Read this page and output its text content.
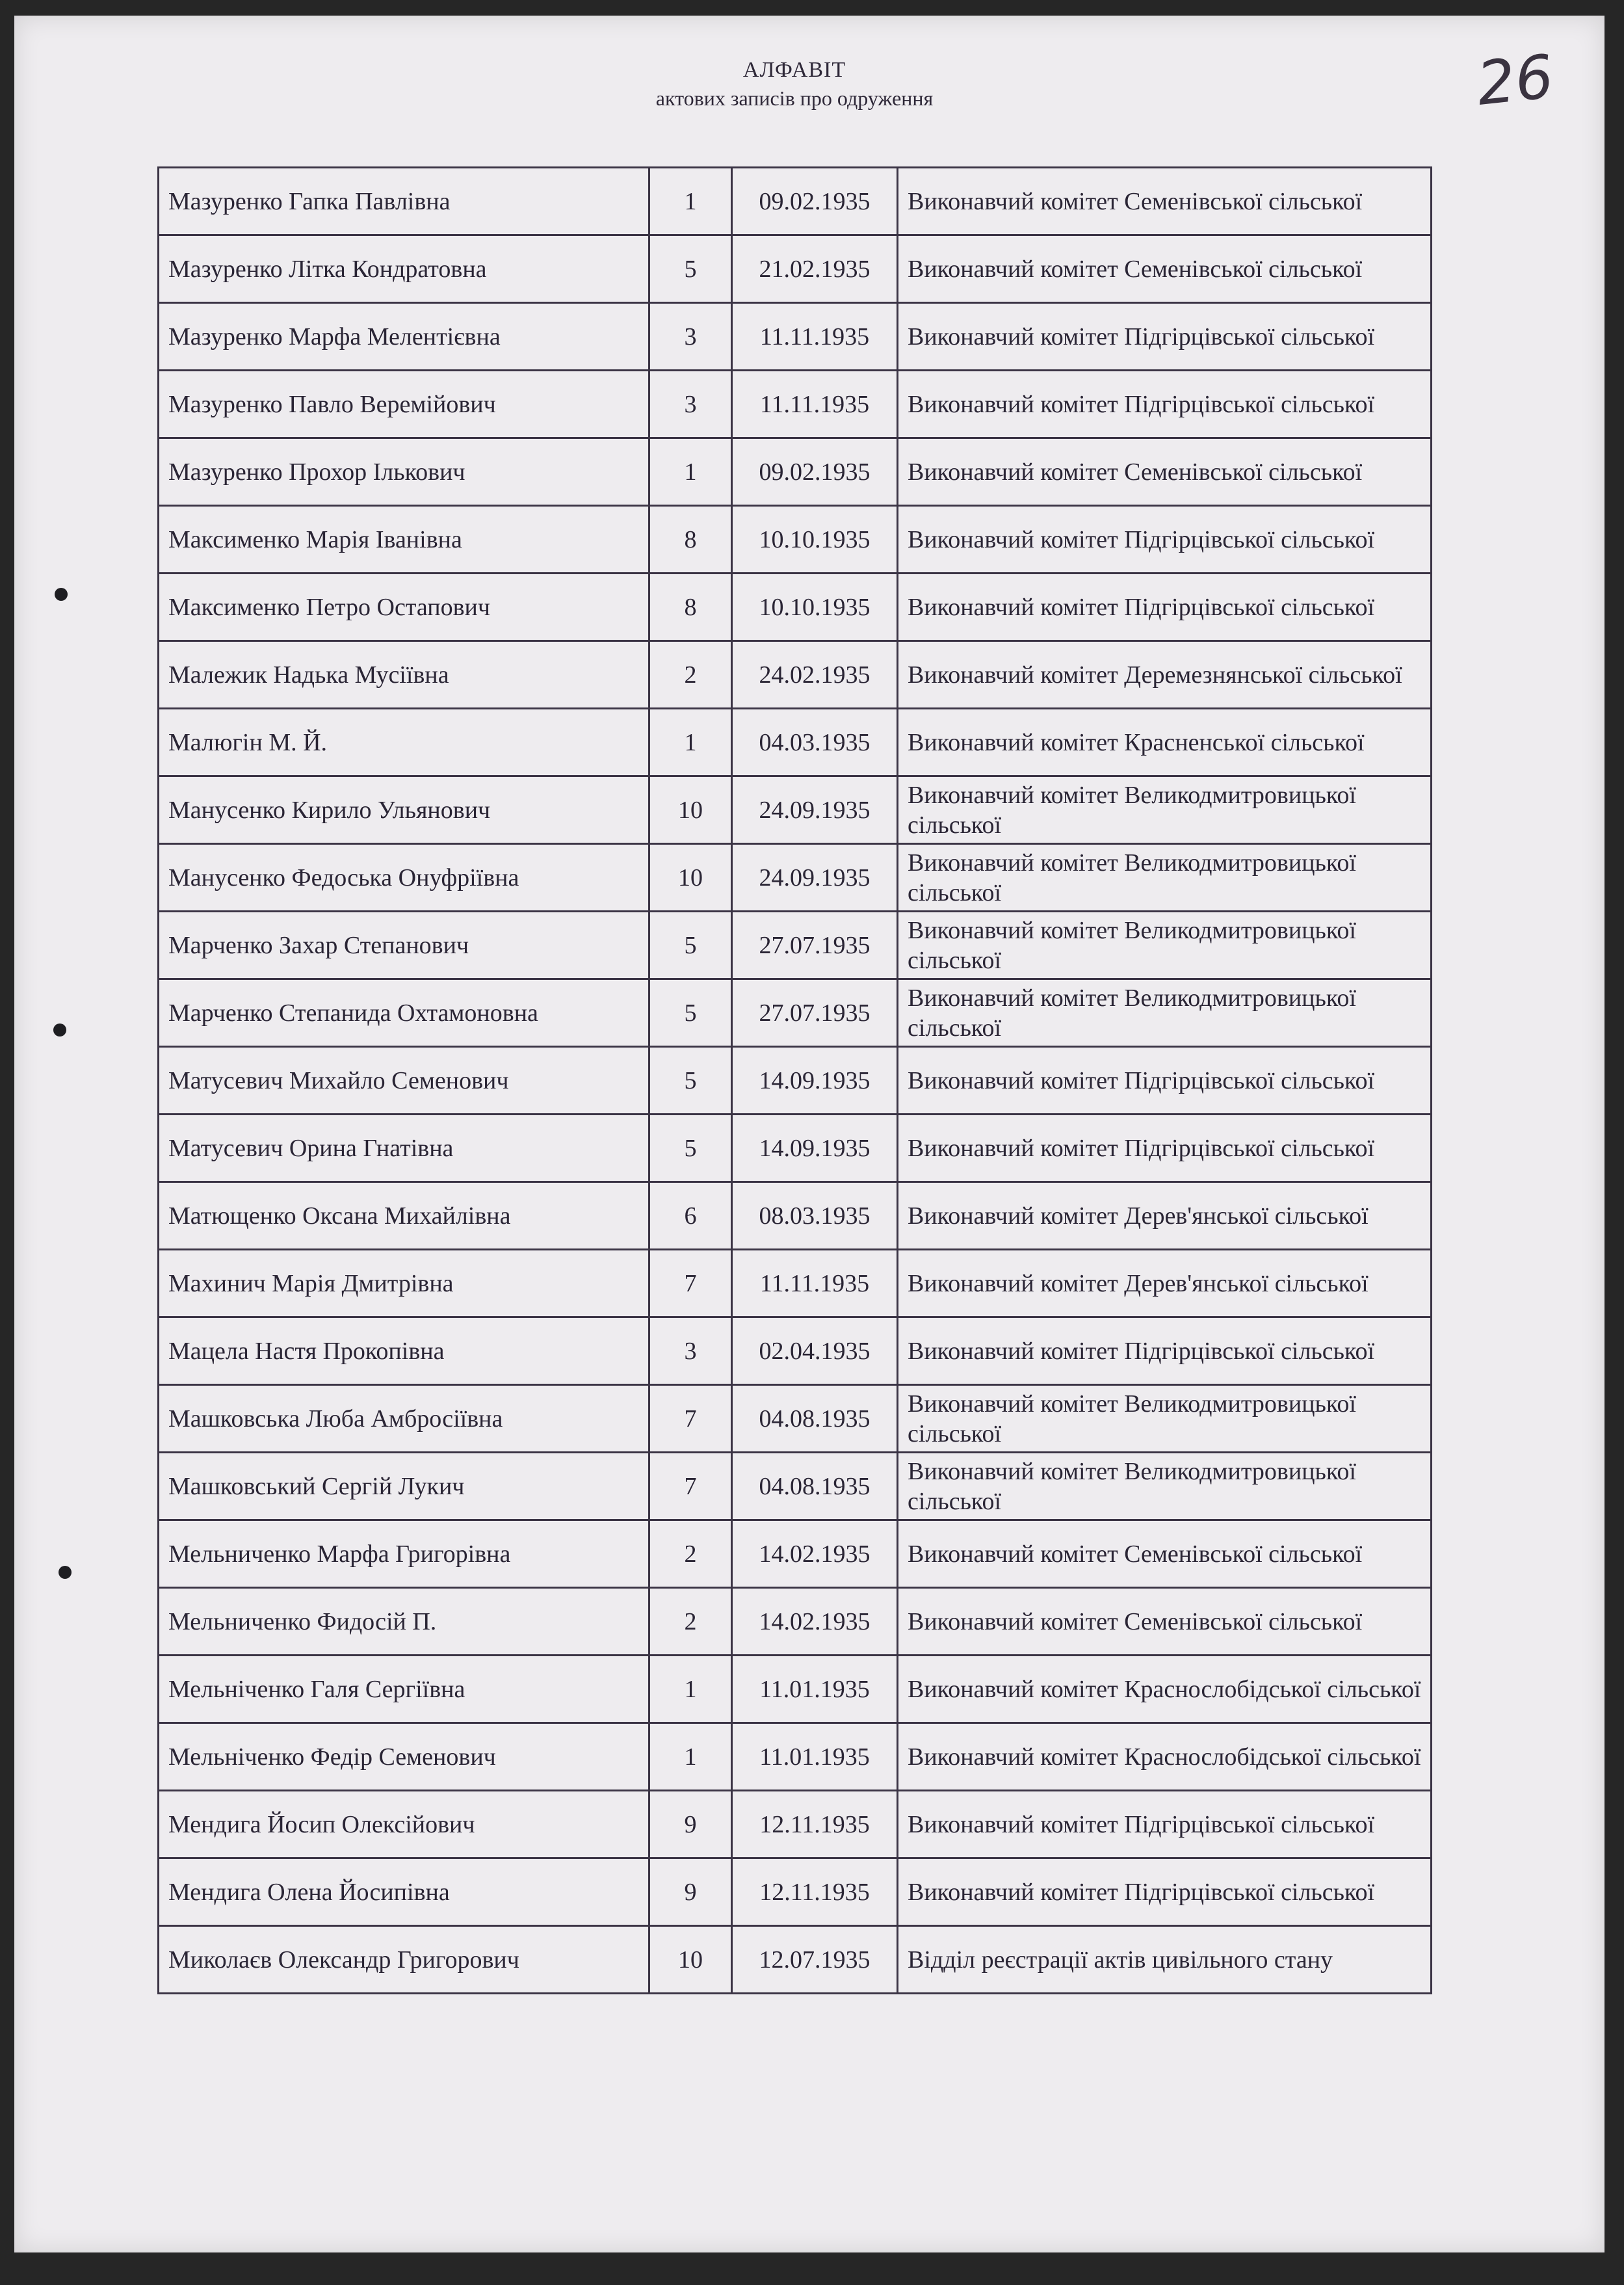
АЛФАВІТ
актових записів про одруження	26
Мазуренко Гапка Павлівна	1	09.02.1935	Виконавчий комітет Семенівської сільської
Мазуренко Літка Кондратовна	5	21.02.1935	Виконавчий комітет Семенівської сільської
Мазуренко Марфа Мелентієвна	3	11.11.1935	Виконавчий комітет Підгірцівської сільської
Мазуренко Павло Веремійович	3	11.11.1935	Виконавчий комітет Підгірцівської сільської
Мазуренко Прохор Ількович	1	09.02.1935	Виконавчий комітет Семенівської сільської
Максименко Марія Іванівна	8	10.10.1935	Виконавчий комітет Підгірцівської сільської
Максименко Петро Остапович	8	10.10.1935	Виконавчий комітет Підгірцівської сільської
Малежик Надька Мусіївна	2	24.02.1935	Виконавчий комітет Деремезнянської сільської
Малюгін М. Й.	1	04.03.1935	Виконавчий комітет Красненської сільської
Манусенко Кирило Ульянович	10	24.09.1935	Виконавчий комітет Великодмитровицької сільської
Манусенко Федоська Онуфріївна	10	24.09.1935	Виконавчий комітет Великодмитровицької сільської
Марченко Захар Степанович	5	27.07.1935	Виконавчий комітет Великодмитровицької сільської
Марченко Степанида Охтамоновна	5	27.07.1935	Виконавчий комітет Великодмитровицької сільської
Матусевич Михайло Семенович	5	14.09.1935	Виконавчий комітет Підгірцівської сільської
Матусевич Орина Гнатівна	5	14.09.1935	Виконавчий комітет Підгірцівської сільської
Матющенко Оксана Михайлівна	6	08.03.1935	Виконавчий комітет Дерев'янської сільської
Махинич Марія Дмитрівна	7	11.11.1935	Виконавчий комітет Дерев'янської сільської
Мацела Настя Прокопівна	3	02.04.1935	Виконавчий комітет Підгірцівської сільської
Машковська Люба Амбросіївна	7	04.08.1935	Виконавчий комітет Великодмитровицької сільської
Машковський Сергій Лукич	7	04.08.1935	Виконавчий комітет Великодмитровицької сільської
Мельниченко Марфа Григорівна	2	14.02.1935	Виконавчий комітет Семенівської сільської
Мельниченко Фидосій П.	2	14.02.1935	Виконавчий комітет Семенівської сільської
Мельніченко Галя Сергіївна	1	11.01.1935	Виконавчий комітет Краснослобідської сільської
Мельніченко Федір Семенович	1	11.01.1935	Виконавчий комітет Краснослобідської сільської
Мендига Йосип Олексійович	9	12.11.1935	Виконавчий комітет Підгірцівської сільської
Мендига Олена Йосипівна	9	12.11.1935	Виконавчий комітет Підгірцівської сільської
Миколаєв Олександр Григорович	10	12.07.1935	Відділ реєстрації актів цивільного стану
